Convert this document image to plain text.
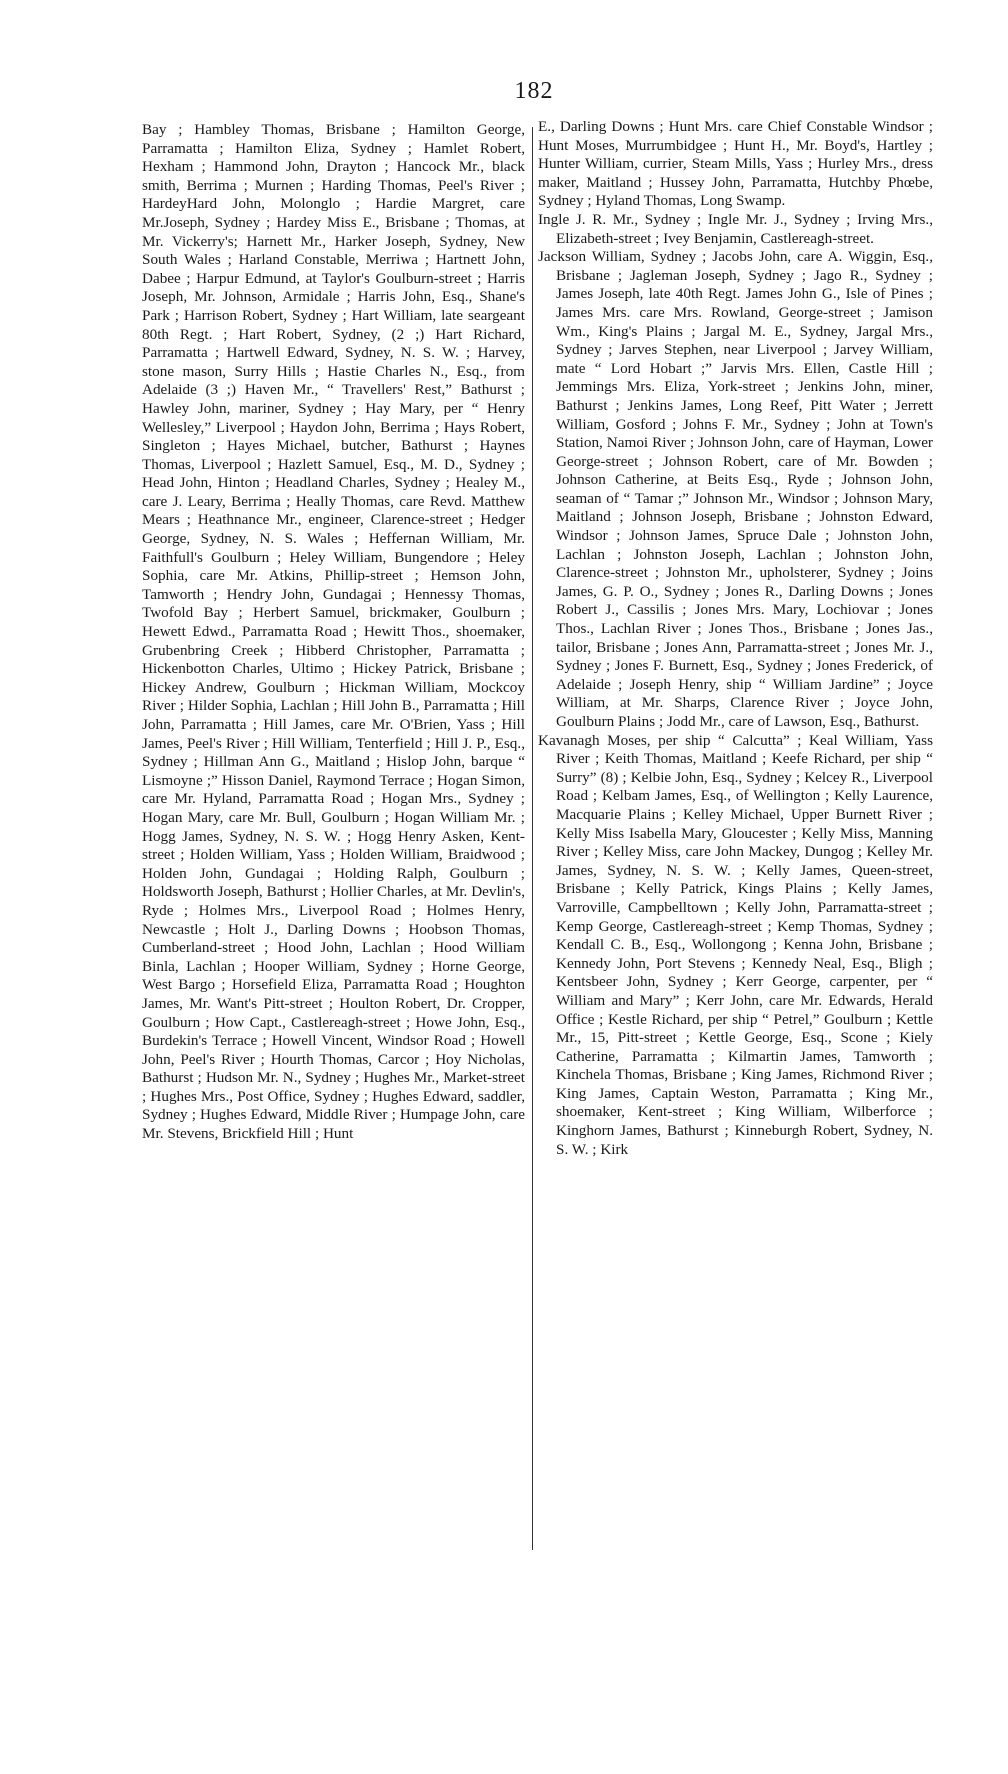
182

Bay ; Hambley Thomas, Brisbane ; Hamilton George, Parramatta ; Hamilton Eliza, Sydney ; Hamlet Robert, Hexham ; Hammond John, Drayton ; Hancock Mr., black smith, Berrima ; Murnen ; Harding Thomas, Peel's River ; HardeyHard John, Molonglo ; Hardie Margret, care Mr.Joseph, Sydney ; Hardey Miss E., Brisbane ; Thomas, at Mr. Vickerry's; Harnett Mr., Harker Joseph, Sydney, New South Wales ; Harland Constable, Merriwa ; Hartnett John, Dabee ; Harpur Edmund, at Taylor's Goulburn-street ; Harris Joseph, Mr. Johnson, Armidale ; Harris John, Esq., Shane's Park ; Harrison Robert, Sydney ; Hart William, late seargeant 80th Regt. ; Hart Robert, Sydney, (2 ;) Hart Richard, Parramatta ; Hartwell Edward, Sydney, N. S. W. ; Harvey, stone mason, Surry Hills ; Hastie Charles N., Esq., from Adelaide (3 ;) Haven Mr., “ Travellers' Rest,” Bathurst ; Hawley John, mariner, Sydney ; Hay Mary, per “ Henry Wellesley,” Liverpool ; Haydon John, Berrima ; Hays Robert, Singleton ; Hayes Michael, butcher, Bathurst ; Haynes Thomas, Liverpool ; Hazlett Samuel, Esq., M. D., Sydney ; Head John, Hinton ; Headland Charles, Sydney ; Healey M., care J. Leary, Berrima ; Heally Thomas, care Revd. Matthew Mears ; Heathnance Mr., engineer, Clarence-street ; Hedger George, Sydney, N. S. Wales ; Heffernan William, Mr. Faithfull's Goulburn ; Heley William, Bungendore ; Heley Sophia, care Mr. Atkins, Phillip-street ; Hemson John, Tamworth ; Hendry John, Gundagai ; Hennessy Thomas, Twofold Bay ; Herbert Samuel, brickmaker, Goulburn ; Hewett Edwd., Parramatta Road ; Hewitt Thos., shoemaker, Grubenbring Creek ; Hibberd Christopher, Parramatta ; Hickenbotton Charles, Ultimo ; Hickey Patrick, Brisbane ; Hickey Andrew, Goulburn ; Hickman William, Mockcoy River ; Hilder Sophia, Lachlan ; Hill John B., Parramatta ; Hill John, Parramatta ; Hill James, care Mr. O'Brien, Yass ; Hill James, Peel's River ; Hill William, Tenterfield ; Hill J. P., Esq., Sydney ; Hillman Ann G., Maitland ; Hislop John, barque “ Lismoyne ;” Hisson Daniel, Raymond Terrace ; Hogan Simon, care Mr. Hyland, Parramatta Road ; Hogan Mrs., Sydney ; Hogan Mary, care Mr. Bull, Goulburn ; Hogan William Mr. ; Hogg James, Sydney, N. S. W. ; Hogg Henry Asken, Kent-street ; Holden William, Yass ; Holden William, Braidwood ; Holden John, Gundagai ; Holding Ralph, Goulburn ; Holdsworth Joseph, Bathurst ; Hollier Charles, at Mr. Devlin's, Ryde ; Holmes Mrs., Liverpool Road ; Holmes Henry, Newcastle ; Holt J., Darling Downs ; Hoobson Thomas, Cumberland-street ; Hood John, Lachlan ; Hood William Binla, Lachlan ; Hooper William, Sydney ; Horne George, West Bargo ; Horsefield Eliza, Parramatta Road ; Houghton James, Mr. Want's Pitt-street ; Houlton Robert, Dr. Cropper, Goulburn ; How Capt., Castlereagh-street ; Howe John, Esq., Burdekin's Terrace ; Howell Vincent, Windsor Road ; Howell John, Peel's River ; Hourth Thomas, Carcor ; Hoy Nicholas, Bathurst ; Hudson Mr. N., Sydney ; Hughes Mr., Market-street ; Hughes Mrs., Post Office, Sydney ; Hughes Edward, saddler, Sydney ; Hughes Edward, Middle River ; Humpage John, care Mr. Stevens, Brickfield Hill ; Hunt

E., Darling Downs ; Hunt Mrs. care Chief Constable Windsor ; Hunt Moses, Murrumbidgee ; Hunt H., Mr. Boyd's, Hartley ; Hunter William, currier, Steam Mills, Yass ; Hurley Mrs., dress maker, Maitland ; Hussey John, Parramatta, Hutchby Phœbe, Sydney ; Hyland Thomas, Long Swamp.

Ingle J. R. Mr., Sydney ; Ingle Mr. J., Sydney ; Irving Mrs., Elizabeth-street ; Ivey Benjamin, Castlereagh-street.

Jackson William, Sydney ; Jacobs John, care A. Wiggin, Esq., Brisbane ; Jagleman Joseph, Sydney ; Jago R., Sydney ; James Joseph, late 40th Regt. James John G., Isle of Pines ; James Mrs. care Mrs. Rowland, George-street ; Jamison Wm., King's Plains ; Jargal M. E., Sydney, Jargal Mrs., Sydney ; Jarves Stephen, near Liverpool ; Jarvey William, mate “ Lord Hobart ;” Jarvis Mrs. Ellen, Castle Hill ; Jemmings Mrs. Eliza, York-street ; Jenkins John, miner, Bathurst ; Jenkins James, Long Reef, Pitt Water ; Jerrett William, Gosford ; Johns F. Mr., Sydney ; John at Town's Station, Namoi River ; Johnson John, care of Hayman, Lower George-street ; Johnson Robert, care of Mr. Bowden ; Johnson Catherine, at Beits Esq., Ryde ; Johnson John, seaman of “ Tamar ;” Johnson Mr., Windsor ; Johnson Mary, Maitland ; Johnson Joseph, Brisbane ; Johnston Edward, Windsor ; Johnson James, Spruce Dale ; Johnston John, Lachlan ; Johnston Joseph, Lachlan ; Johnston John, Clarence-street ; Johnston Mr., upholsterer, Sydney ; Joins James, G. P. O., Sydney ; Jones R., Darling Downs ; Jones Robert J., Cassilis ; Jones Mrs. Mary, Lochiovar ; Jones Thos., Lachlan River ; Jones Thos., Brisbane ; Jones Jas., tailor, Brisbane ; Jones Ann, Parramatta-street ; Jones Mr. J., Sydney ; Jones F. Burnett, Esq., Sydney ; Jones Frederick, of Adelaide ; Joseph Henry, ship “ William Jardine” ; Joyce William, at Mr. Sharps, Clarence River ; Joyce John, Goulburn Plains ; Jodd Mr., care of Lawson, Esq., Bathurst.

Kavanagh Moses, per ship “ Calcutta” ; Keal William, Yass River ; Keith Thomas, Maitland ; Keefe Richard, per ship “ Surry” (8) ; Kelbie John, Esq., Sydney ; Kelcey R., Liverpool Road ; Kelbam James, Esq., of Wellington ; Kelly Laurence, Macquarie Plains ; Kelley Michael, Upper Burnett River ; Kelly Miss Isabella Mary, Gloucester ; Kelly Miss, Manning River ; Kelley Miss, care John Mackey, Dungog ; Kelley Mr. James, Sydney, N. S. W. ; Kelly James, Queen-street, Brisbane ; Kelly Patrick, Kings Plains ; Kelly James, Varroville, Campbelltown ; Kelly John, Parramatta-street ; Kemp George, Castlereagh-street ; Kemp Thomas, Sydney ; Kendall C. B., Esq., Wollongong ; Kenna John, Brisbane ; Kennedy John, Port Stevens ; Kennedy Neal, Esq., Bligh ; Kentsbeer John, Sydney ; Kerr George, carpenter, per “ William and Mary” ; Kerr John, care Mr. Edwards, Herald Office ; Kestle Richard, per ship “ Petrel,” Goulburn ; Kettle Mr., 15, Pitt-street ; Kettle George, Esq., Scone ; Kiely Catherine, Parramatta ; Kilmartin James, Tamworth ; Kinchela Thomas, Brisbane ; King James, Richmond River ; King James, Captain Weston, Parramatta ; King Mr., shoemaker, Kent-street ; King William, Wilberforce ; Kinghorn James, Bathurst ; Kinneburgh Robert, Sydney, N. S. W. ; Kirk
